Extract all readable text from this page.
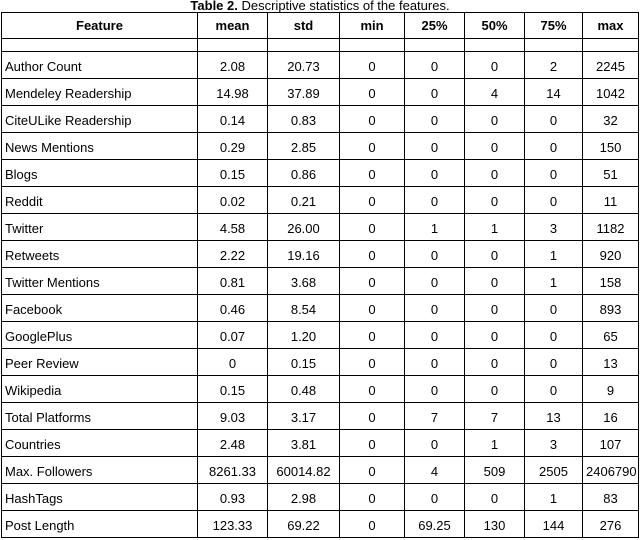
Table 2. Descriptive statistics of the features.
Feature	mean	std	min	25%	50%	75%	max

Author Count	2.08	20.73	0	0	0	2	2245
Mendeley Readership	14.98	37.89	0	0	4	14	1042
CiteULike Readership	0.14	0.83	0	0	0	0	32
News Mentions	0.29	2.85	0	0	0	0	150
Blogs	0.15	0.86	0	0	0	0	51
Reddit	0.02	0.21	0	0	0	0	11
Twitter	4.58	26.00	0	1	1	3	1182
Retweets	2.22	19.16	0	0	0	1	920
Twitter Mentions	0.81	3.68	0	0	0	1	158
Facebook	0.46	8.54	0	0	0	0	893
GooglePlus	0.07	1.20	0	0	0	0	65
Peer Review	0	0.15	0	0	0	0	13
Wikipedia	0.15	0.48	0	0	0	0	9
Total Platforms	9.03	3.17	0	7	7	13	16
Countries	2.48	3.81	0	0	1	3	107
Max. Followers	8261.33	60014.82	0	4	509	2505	2406790
HashTags	0.93	2.98	0	0	0	1	83
Post Length	123.33	69.22	0	69.25	130	144	276
